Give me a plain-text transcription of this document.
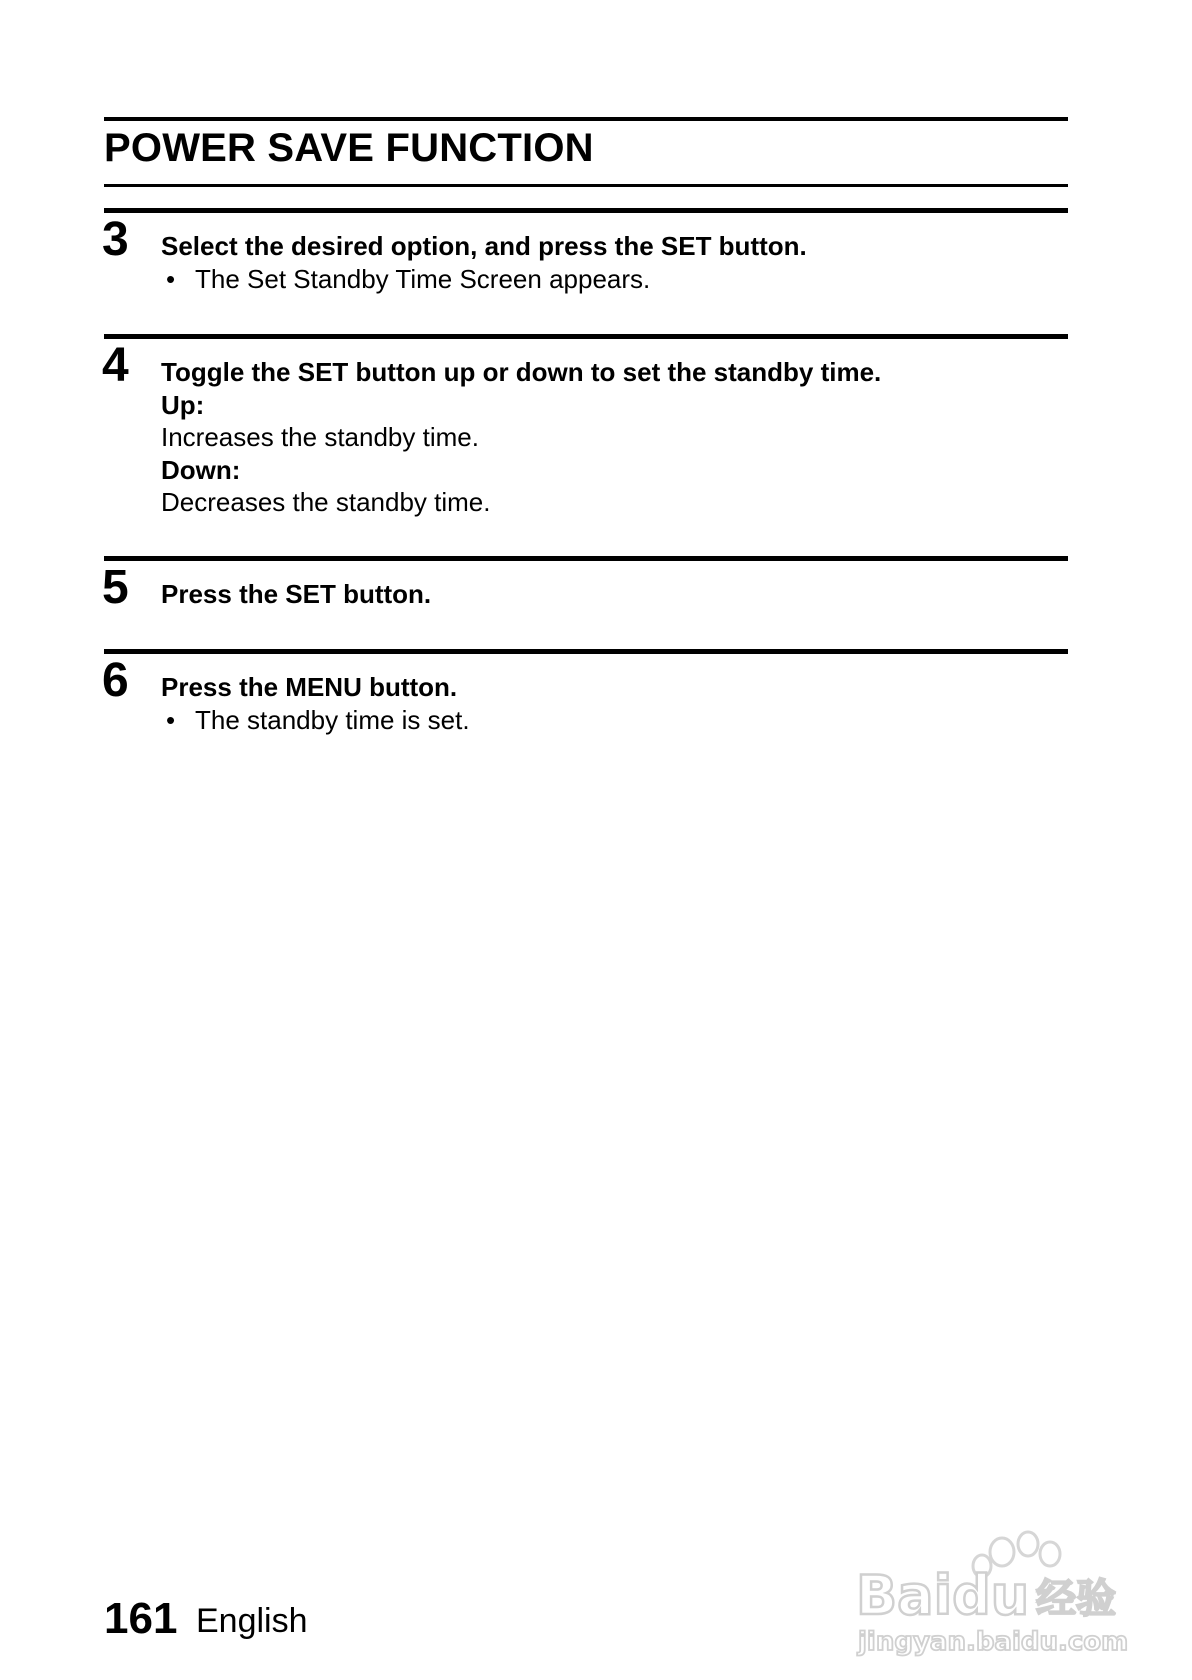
POWER SAVE FUNCTION
3 Select the desired option, and press the SET button.
• The Set Standby Time Screen appears.
4 Toggle the SET button up or down to set the standby time.
Up:
Increases the standby time.
Down:
Decreases the standby time.
5 Press the SET button.
6 Press the MENU button.
• The standby time is set.
161 English	Baidu 经验
jingyan.baidu.com
